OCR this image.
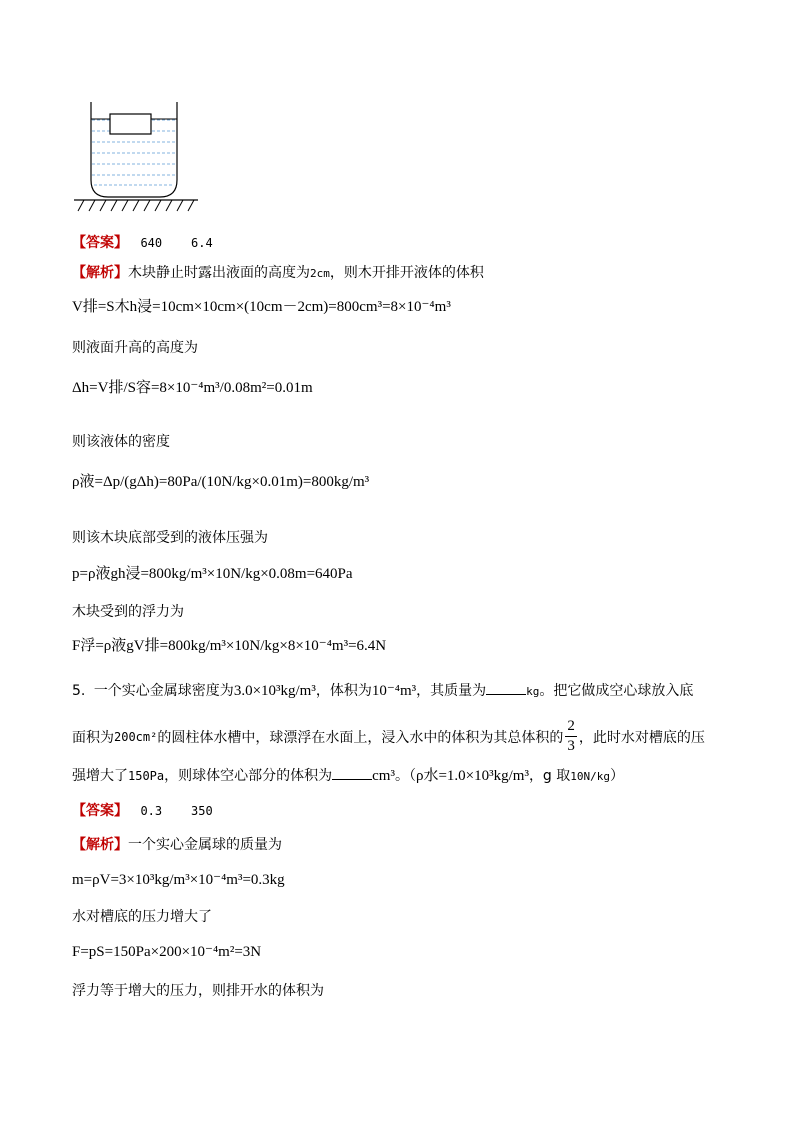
【答案】 640    6.4
【解析】木块静止时露出液面的高度为2cm，则木开排开液体的体积
V排=S木h浸=10cm×10cm×(10cm－2cm)=800cm³=8×10⁻⁴m³
则液面升高的高度为
Δh=V排/S容=8×10⁻⁴m³/0.08m²=0.01m
则该液体的密度
ρ液=Δp/(gΔh)=80Pa/(10N/kg×0.01m)=800kg/m³
则该木块底部受到的液体压强为
p=ρ液gh浸=800kg/m³×10N/kg×0.08m=640Pa
木块受到的浮力为
F浮=ρ液gV排=800kg/m³×10N/kg×8×10⁻⁴m³=6.4N
5. 一个实心金属球密度为3.0×10³kg/m³，体积为10⁻⁴m³，其质量为	kg。把它做成空心球放入底
面积为 200cm² 的圆柱体水槽中，球漂浮在水面上，浸入水中的体积为其总体积的 $\frac{2}{3}$ ，此时水对槽底的压
强增大了150Pa，则球体空心部分的体积为	cm³。（ρ水=1.0×10³kg/m³，g 取10N/kg）
【答案】 0.3    350
【解析】一个实心金属球的质量为
m=ρV=3×10³kg/m³×10⁻⁴m³=0.3kg
水对槽底的压力增大了
F=pS=150Pa×200×10⁻⁴m²=3N
浮力等于增大的压力，则排开水的体积为
